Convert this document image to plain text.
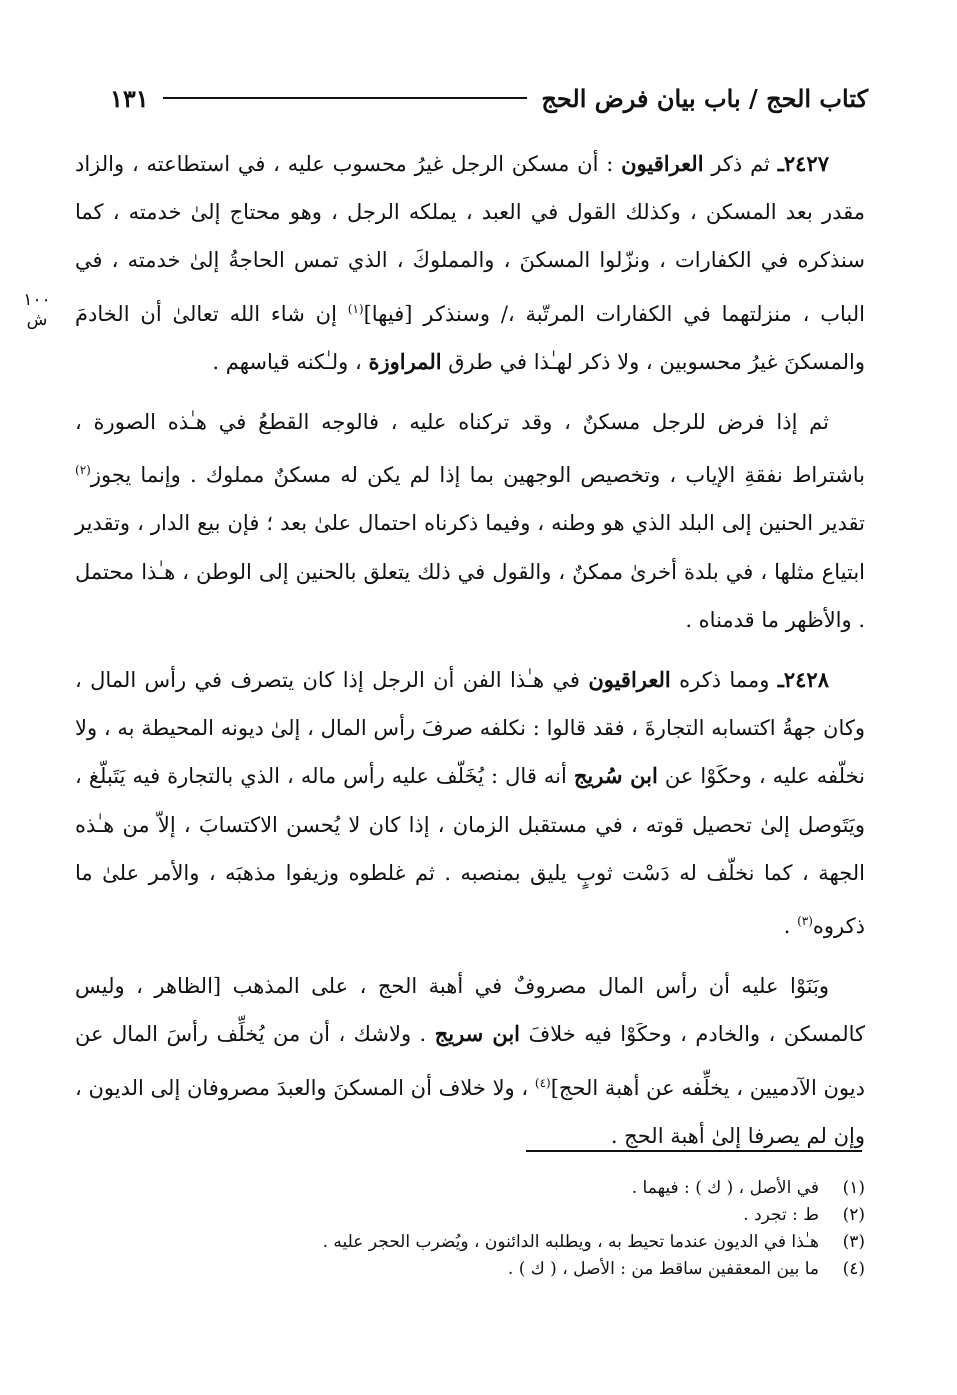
كتاب الحج / باب بيان فرض الحج
١٣١
١٠٠ ش

٢٤٢٧ـ ثم ذكر العراقيون : أن مسكن الرجل غيرُ محسوب عليه ، في استطاعته ، والزاد مقدر بعد المسكن ، وكذلك القول في العبد ، يملكه الرجل ، وهو محتاج إلىٰ خدمته ، كما سنذكره في الكفارات ، ونزّلوا المسكنَ ، والمملوكَ ، الذي تمس الحاجةُ إلىٰ خدمته ، في الباب ، منزلتهما في الكفارات المرتّبة ،/ وسنذكر [فيها]$^{(١)}$ إن شاء الله تعالىٰ أن الخادمَ والمسكنَ غيرُ محسوبين ، ولا ذكر لهـٰذا في طرق المراوزة ، ولـٰكنه قياسهم .

ثم إذا فرض للرجل مسكنٌ ، وقد تركناه عليه ، فالوجه القطعُ في هـٰذه الصورة ، باشتراط نفقةِ الإياب ، وتخصيص الوجهين بما إذا لم يكن له مسكنٌ مملوك . وإنما يجوز$^{(٢)}$ تقدير الحنين إلى البلد الذي هو وطنه ، وفيما ذكرناه احتمال علىٰ بعد ؛ فإن بيع الدار ، وتقدير ابتياع مثلها ، في بلدة أخرىٰ ممكنٌ ، والقول في ذلك يتعلق بالحنين إلى الوطن ، هـٰذا محتمل . والأظهر ما قدمناه .

٢٤٢٨ـ ومما ذكره العراقيون في هـٰذا الفن أن الرجل إذا كان يتصرف في رأس المال ، وكان جهةُ اكتسابه التجارةَ ، فقد قالوا : نكلفه صرفَ رأس المال ، إلىٰ ديونه المحيطة به ، ولا نخلّفه عليه ، وحكَوْا عن ابن سُريج أنه قال : يُخَلّف عليه رأس ماله ، الذي بالتجارة فيه يَتَبلّغ ، ويَتَوصل إلىٰ تحصيل قوته ، في مستقبل الزمان ، إذا كان لا يُحسن الاكتسابَ ، إلاّ من هـٰذه الجهة ، كما نخلّف له دَسْت ثوبٍ يليق بمنصبه . ثم غلطوه وزيفوا مذهبَه ، والأمر علىٰ ما ذكروه$^{(٣)}$ .

وبَنَوْا عليه أن رأس المال مصروفٌ في أهبة الحج ، على المذهب [الظاهر ، وليس كالمسكن ، والخادم ، وحكَوْا فيه خلافَ ابن سريج . ولاشك ، أن من يُخلِّف رأسَ المال عن ديون الآدميين ، يخلِّفه عن أهبة الحج]$^{(٤)}$ ، ولا خلاف أن المسكنَ والعبدَ مصروفان إلى الديون ، وإن لم يصرفا إلىٰ أهبة الحج .

(١)
في الأصل ، ( ك ) : فيهما .
(٢)
ط : تجرد .
(٣)
هـٰذا في الديون عندما تحيط به ، ويطلبه الدائنون ، ويُضرب الحجر عليه .
(٤)
ما بين المعقفين ساقط من : الأصل ، ( ك ) .
